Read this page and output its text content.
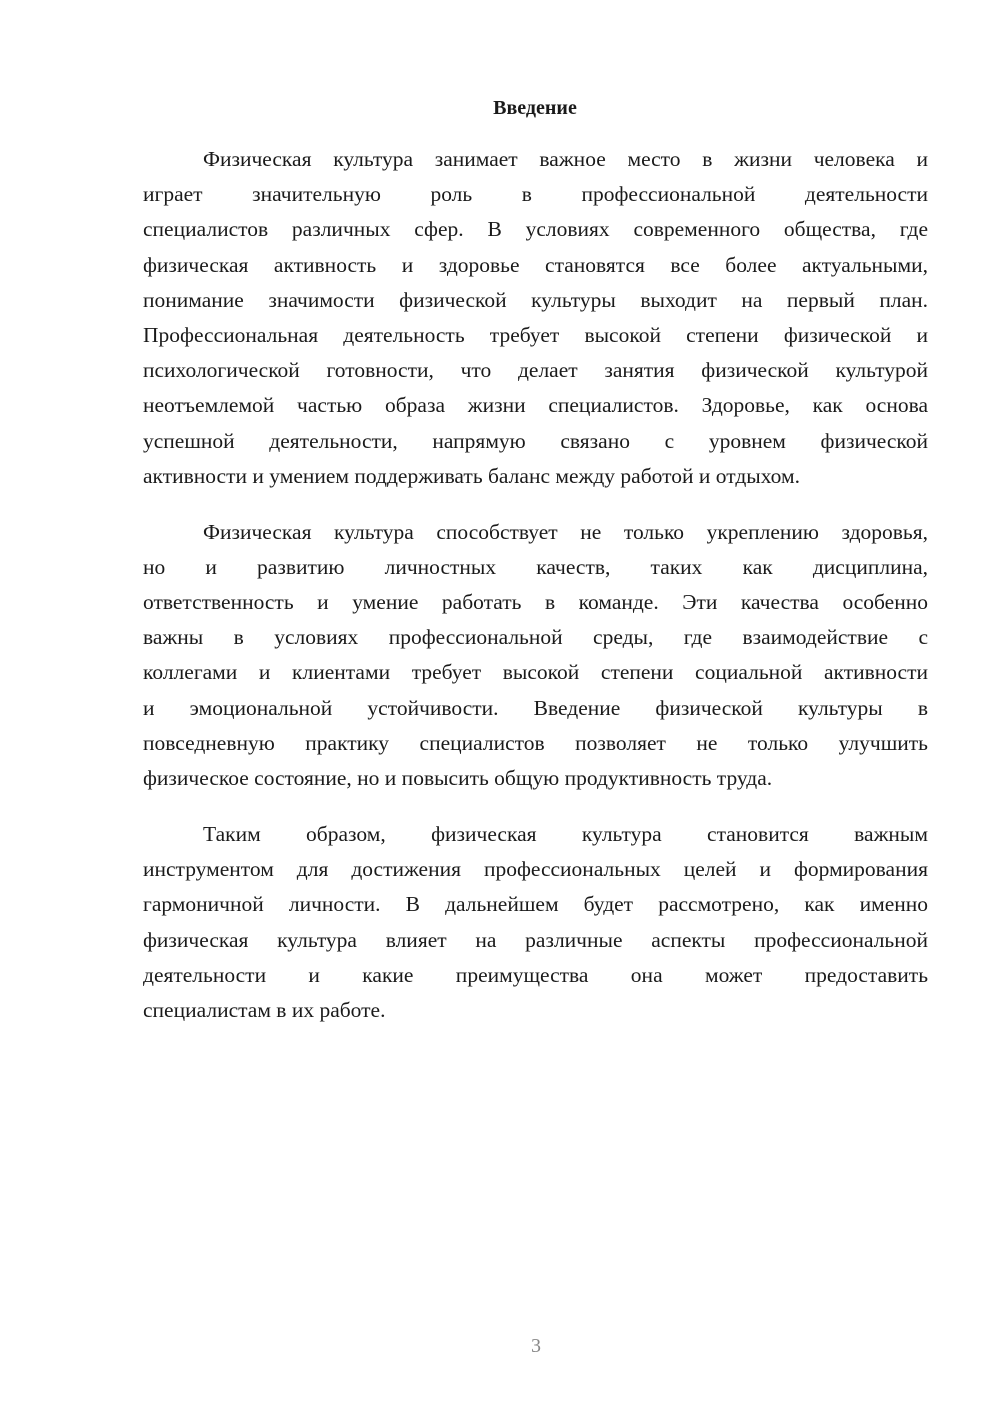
Введение
Физическая культура занимает важное место в жизни человека и
играет значительную роль в профессиональной деятельности
специалистов различных сфер. В условиях современного общества, где
физическая активность и здоровье становятся все более актуальными,
понимание значимости физической культуры выходит на первый план.
Профессиональная деятельность требует высокой степени физической и
психологической готовности, что делает занятия физической культурой
неотъемлемой частью образа жизни специалистов. Здоровье, как основа
успешной деятельности, напрямую связано с уровнем физической
активности и умением поддерживать баланс между работой и отдыхом.
Физическая культура способствует не только укреплению здоровья,
но и развитию личностных качеств, таких как дисциплина,
ответственность и умение работать в команде. Эти качества особенно
важны в условиях профессиональной среды, где взаимодействие с
коллегами и клиентами требует высокой степени социальной активности
и эмоциональной устойчивости. Введение физической культуры в
повседневную практику специалистов позволяет не только улучшить
физическое состояние, но и повысить общую продуктивность труда.
Таким образом, физическая культура становится важным
инструментом для достижения профессиональных целей и формирования
гармоничной личности. В дальнейшем будет рассмотрено, как именно
физическая культура влияет на различные аспекты профессиональной
деятельности и какие преимущества она может предоставить
специалистам в их работе.
3
